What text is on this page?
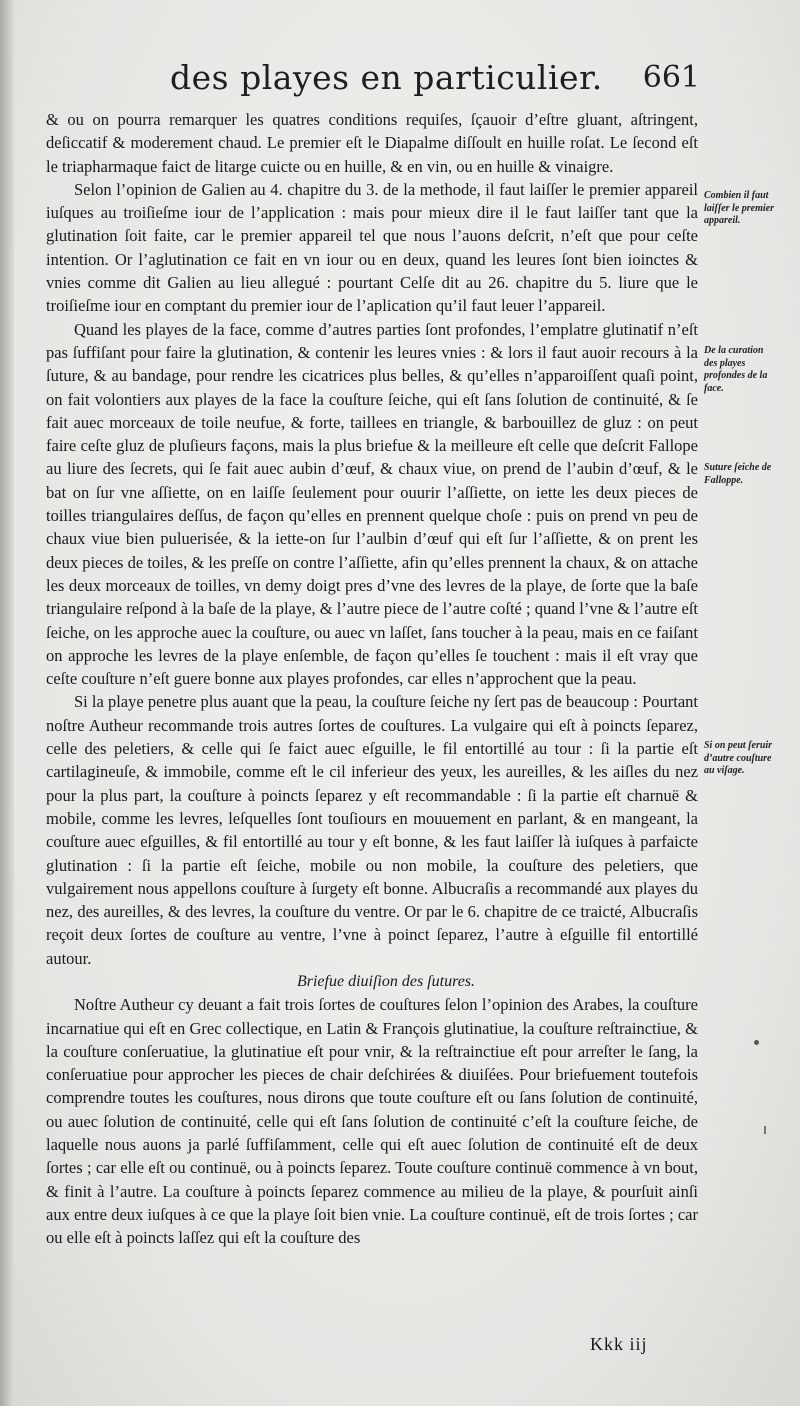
des playes en particulier. 661

& ou on pourra remarquer les quatres conditions requiſes, ſçauoir d’eſtre gluant, aſtringent, deſiccatif & moderement chaud. Le premier eſt le Diapalme diſſoult en huille roſat. Le ſecond eſt le triapharmaque faict de litarge cuicte ou en huille, & en vin, ou en huille & vinaigre.

Selon l’opinion de Galien au 4. chapitre du 3. de la methode, il faut laiſſer le premier appareil iuſques au troiſieſme iour de l’application : mais pour mieux dire il le faut laiſſer tant que la glutination ſoit faite, car le premier appareil tel que nous l’auons deſcrit, n’eſt que pour ceſte intention. Or l’aglutination ce fait en vn iour ou en deux, quand les leures ſont bien ioinctes & vnies comme dit Galien au lieu allegué : pourtant Celſe dit au 26. chapitre du 5. liure que le troiſieſme iour en comptant du premier iour de l’aplication qu’il faut leuer l’appareil.

Quand les playes de la face, comme d’autres parties ſont profondes, l’emplatre glutinatif n’eſt pas ſuffiſant pour faire la glutination, & contenir les leures vnies : & lors il faut auoir recours à la ſuture, & au bandage, pour rendre les cicatrices plus belles, & qu’elles n’apparoiſſent quaſi point, on fait volontiers aux playes de la face la couſture ſeiche, qui eſt ſans ſolution de continuité, & ſe fait auec morceaux de toile neufue, & forte, taillees en triangle, & barbouillez de gluz : on peut faire ceſte gluz de pluſieurs façons, mais la plus briefue & la meilleure eſt celle que deſcrit Fallope au liure des ſecrets, qui ſe fait auec aubin d’œuf, & chaux viue, on prend de l’aubin d’œuf, & le bat on ſur vne aſſiette, on en laiſſe ſeulement pour ouurir l’aſſiette, on iette les deux pieces de toilles triangulaires deſſus, de façon qu’elles en prennent quelque choſe : puis on prend vn peu de chaux viue bien puluerisée, & la iette-on ſur l’aulbin d’œuf qui eſt ſur l’aſſiette, & on prent les deux pieces de toiles, & les preſſe on contre l’aſſiette, afin qu’elles prennent la chaux, & on attache les deux morceaux de toilles, vn demy doigt pres d’vne des levres de la playe, de ſorte que la baſe triangulaire reſpond à la baſe de la playe, & l’autre piece de l’autre coſté ; quand l’vne & l’autre eſt ſeiche, on les approche auec la couſture, ou auec vn laſſet, ſans toucher à la peau, mais en ce faiſant on approche les levres de la playe enſemble, de façon qu’elles ſe touchent : mais il eſt vray que ceſte couſture n’eſt guere bonne aux playes profondes, car elles n’approchent que la peau.

Si la playe penetre plus auant que la peau, la couſture ſeiche ny ſert pas de beaucoup : Pourtant noſtre Autheur recommande trois autres ſortes de couſtures. La vulgaire qui eſt à poincts ſeparez, celle des peletiers, & celle qui ſe faict auec eſguille, le fil entortillé au tour : ſi la partie eſt cartilagineuſe, & immobile, comme eſt le cil inferieur des yeux, les aureilles, & les aiſles du nez pour la plus part, la couſture à poincts ſeparez y eſt recommandable : ſi la partie eſt charnuë & mobile, comme les levres, leſquelles ſont touſiours en mouuement en parlant, & en mangeant, la couſture auec eſguilles, & fil entortillé au tour y eſt bonne, & les faut laiſſer là iuſques à parfaicte glutination : ſi la partie eſt ſeiche, mobile ou non mobile, la couſture des peletiers, que vulgairement nous appellons couſture à ſurgety eſt bonne. Albucraſis a recommandé aux playes du nez, des aureilles, & des levres, la couſture du ventre. Or par le 6. chapitre de ce traicté, Albucraſis reçoit deux ſortes de couſture au ventre, l’vne à poinct ſeparez, l’autre à eſguille fil entortillé autour.

Briefue diuiſion des ſutures.

Noſtre Autheur cy deuant a fait trois ſortes de couſtures ſelon l’opinion des Arabes, la couſture incarnatiue qui eſt en Grec collectique, en Latin & François glutinatiue, la couſture reſtrainctiue, & la couſture conſeruatiue, la glutinatiue eſt pour vnir, & la reſtrainctiue eſt pour arreſter le ſang, la conſeruatiue pour approcher les pieces de chair deſchirées & diuiſées. Pour briefuement toutefois comprendre toutes les couſtures, nous dirons que toute couſture eſt ou ſans ſolution de continuité, ou auec ſolution de continuité, celle qui eſt ſans ſolution de continuité c’eſt la couſture ſeiche, de laquelle nous auons ja parlé ſuffiſamment, celle qui eſt auec ſolution de continuité eſt de deux ſortes ; car elle eſt ou continuë, ou à poincts ſeparez. Toute couſture continuë commence à vn bout, & finit à l’autre. La couſture à poincts ſeparez commence au milieu de la playe, & pourſuit ainſi aux entre deux iuſques à ce que la playe ſoit bien vnie. La couſture continuë, eſt de trois ſortes ; car ou elle eſt à poincts laſſez qui eſt la couſture des

Combien il faut laiſſer le premier appareil.
De la curation des playes profondes de la face.
Suture ſeiche de Falloppe.
Si on peut ſeruir d’autre couſture au viſage.
Kkk iij
